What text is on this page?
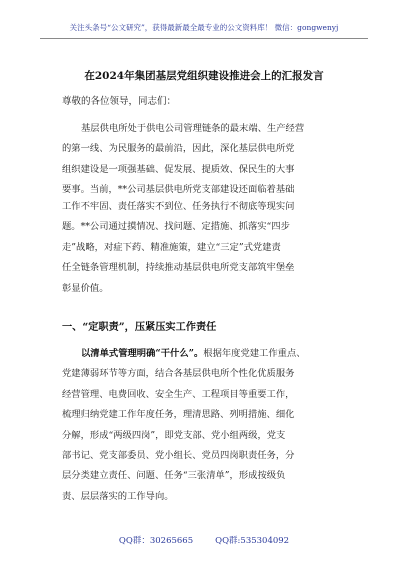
关注头条号“公文研究”，获得最新最全最专业的公文资料库！ 微信：gongwenyj
在2024年集团基层党组织建设推进会上的汇报发言
尊敬的各位领导，同志们：
基层供电所处于供电公司管理链条的最末端、生产经营
的第一线、为民服务的最前沿，因此，深化基层供电所党
组织建设是一项强基础、促发展、提质效、保民生的大事
要事。当前，**公司基层供电所党支部建设还面临着基础
工作不牢固、责任落实不到位、任务执行不彻底等现实问
题。**公司通过摸情况、找问题、定措施、抓落实“四步
走”战略，对症下药、精准施策，建立“三定”式党建责
任全链条管理机制，持续推动基层供电所党支部筑牢堡垒
彰显价值。
一、“定职责”，压紧压实工作责任
以清单式管理明确“干什么”。根据年度党建工作重点、
党建薄弱环节等方面，结合各基层供电所个性化优质服务
经营管理、电费回收、安全生产、工程项目等重要工作，
梳理归纳党建工作年度任务，理清思路、列明措施、细化
分解，形成“两级四岗”，即党支部、党小组两级，党支
部书记、党支部委员、党小组长、党员四岗职责任务，分
层分类建立责任、问题、任务“三张清单”，形成按级负
责、层层落实的工作导向。
QQ群：30265665	QQ群:535304092
